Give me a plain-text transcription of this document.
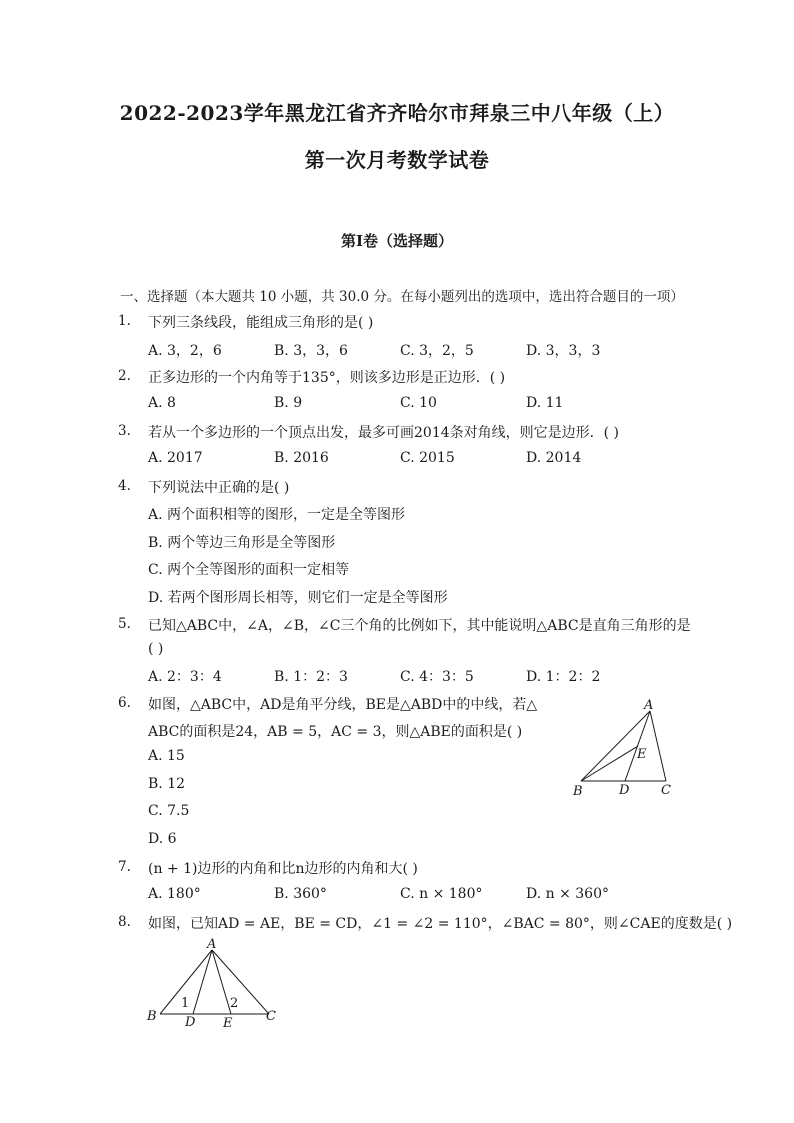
2022-2023学年黑龙江省齐齐哈尔市拜泉三中八年级（上）
第一次月考数学试卷
第Ⅰ卷（选择题）
一、选择题（本大题共 10 小题，共 30.0 分。在每小题列出的选项中，选出符合题目的一项）
1. 下列三条线段，能组成三角形的是( )
A. 3，2，6	B. 3，3，6	C. 3，2，5	D. 3，3，3
2. 正多边形的一个内角等于135°，则该多边形是正边形．( )
A. 8	B. 9	C. 10	D. 11
3. 若从一个多边形的一个顶点出发，最多可画2014条对角线，则它是边形．( )
A. 2017	B. 2016	C. 2015	D. 2014
4. 下列说法中正确的是( )
A. 两个面积相等的图形，一定是全等图形
B. 两个等边三角形是全等图形
C. 两个全等图形的面积一定相等
D. 若两个图形周长相等，则它们一定是全等图形
5. 已知△ABC中，∠A，∠B，∠C三个角的比例如下，其中能说明△ABC是直角三角形的是
( )
A. 2：3：4	B. 1：2：3	C. 4：3：5	D. 1：2：2
6. 如图，△ABC中，AD是角平分线，BE是△ABD中的中线，若△
ABC的面积是24，AB = 5，AC = 3，则△ABE的面积是( )
A. 15
B. 12
C. 7.5
D. 6
A
E
B	D C
7. (n + 1)边形的内角和比n边形的内角和大( )
A. 180°	B. 360°	C. n × 180°	D. n × 360°
8. 如图，已知AD = AE，BE = CD，∠1 = ∠2 = 110°，∠BAC = 80°，则∠CAE的度数是( )
A
B	C
D E
1	2
